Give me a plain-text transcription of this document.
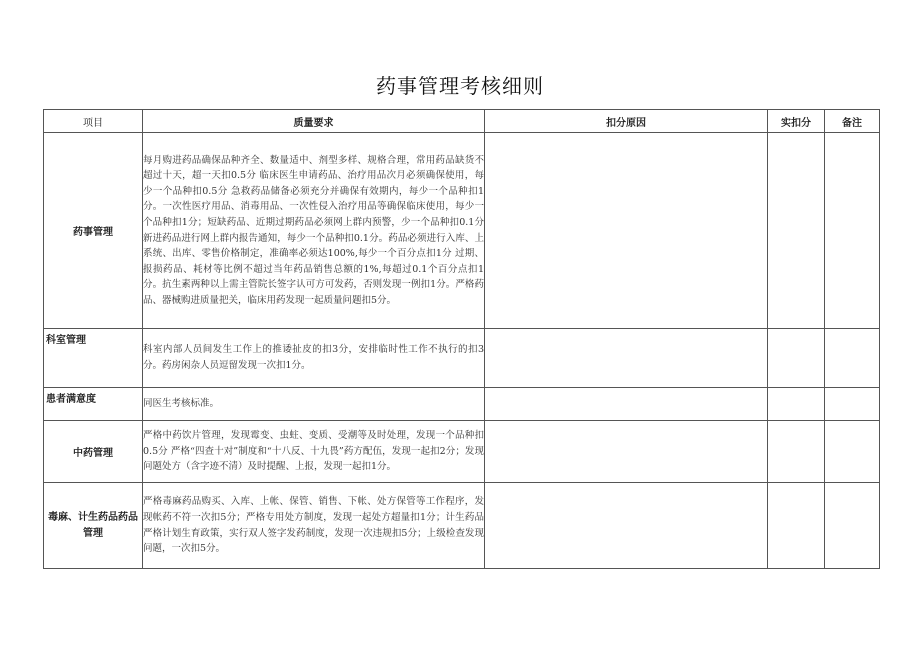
药事管理考核细则
项目	质量要求	扣分原因	实扣分	备注
药事管理	每月购进药品确保品种齐全、数量适中、剂型多样、规格合理，常用药品缺货不超过十天，超一天扣0.5分 临床医生申请药品、治疗用品次月必须确保使用，每少一个品种扣0.5分 急救药品储备必须充分并确保有效期内，每少一个品种扣1分。一次性医疗用品、消毒用品、一次性侵入治疗用品等确保临床使用，每少一个品种扣1分；短缺药品、近期过期药品必须网上群内预警，少一个品种扣0.1分 新进药品进行网上群内报告通知，每少一个品种扣0.1分。药品必须进行入库、上系统、出库、零售价格制定，准确率必须达100%,每少一个百分点扣1分 过期、报损药品、耗材等比例不超过当年药品销售总额的1%,每超过0.1个百分点扣1分。抗生素两种以上需主管院长签字认可方可发药，否则发现一例扣1分。严格药品、器械购进质量把关，临床用药发现一起质量问题扣5分。			
科室管理	科室内部人员间发生工作上的推诿扯皮的扣3分，安排临时性工作不执行的扣3分。药房闲杂人员逗留发现一次扣1分。			
患者满意度	同医生考核标准。			
中药管理	严格中药饮片管理，发现霉变、虫蛀、变质、受潮等及时处理，发现一个品种扣0.5分 严格“四查十对”制度和“十八反、十九畏”药方配伍，发现一起扣2分；发现问题处方（含字迹不清）及时提醒、上报，发现一起扣1分。			
毒麻、计生药品药品管理	严格毒麻药品购买、入库、上帐、保管、销售、下帐、处方保管等工作程序，发现帐药不符一次扣5分；严格专用处方制度，发现一起处方超量扣1分；计生药品严格计划生育政策，实行双人签字发药制度，发现一次违规扣5分；上级检查发现问题，一次扣5分。			
